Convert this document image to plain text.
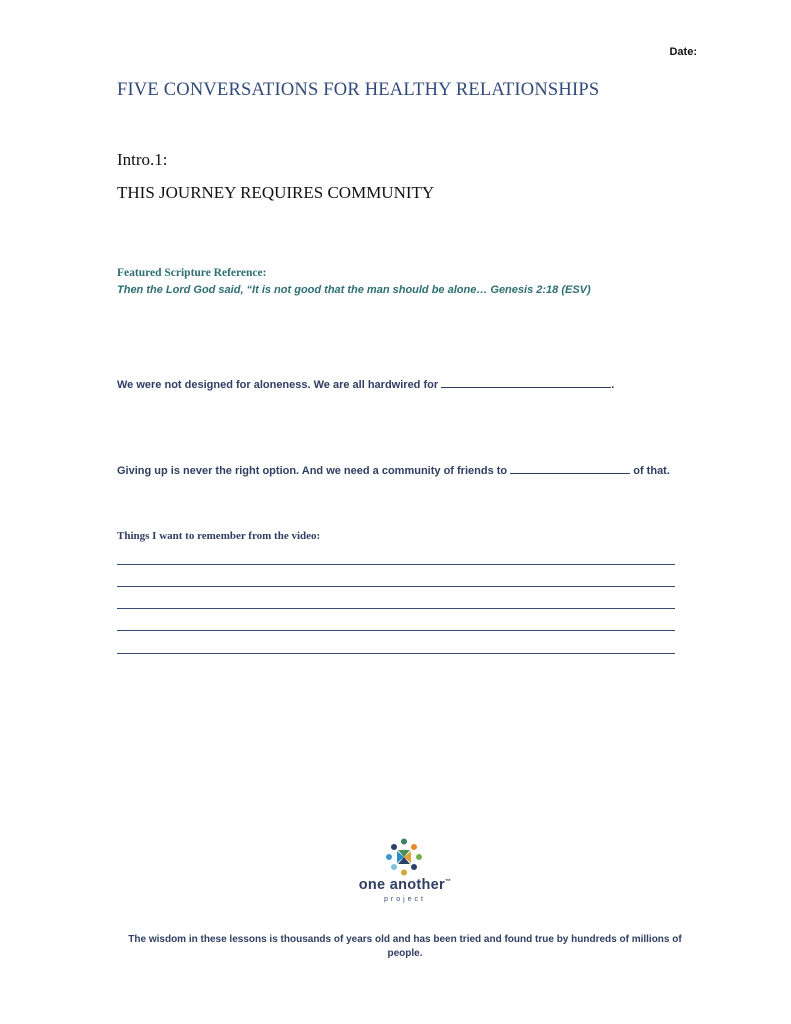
Date:
FIVE CONVERSATIONS FOR HEALTHY RELATIONSHIPS
Intro.1:
THIS JOURNEY REQUIRES COMMUNITY
Featured Scripture Reference:
Then the Lord God said, “It is not good that the man should be alone… Genesis 2:18 (ESV)
We were not designed for aloneness. We are all hardwired for	.
Giving up is never the right option. And we need a community of friends to	of that.
Things I want to remember from the video:
one another™
project
The wisdom in these lessons is thousands of years old and has been tried and found true by hundreds of millions of people.
